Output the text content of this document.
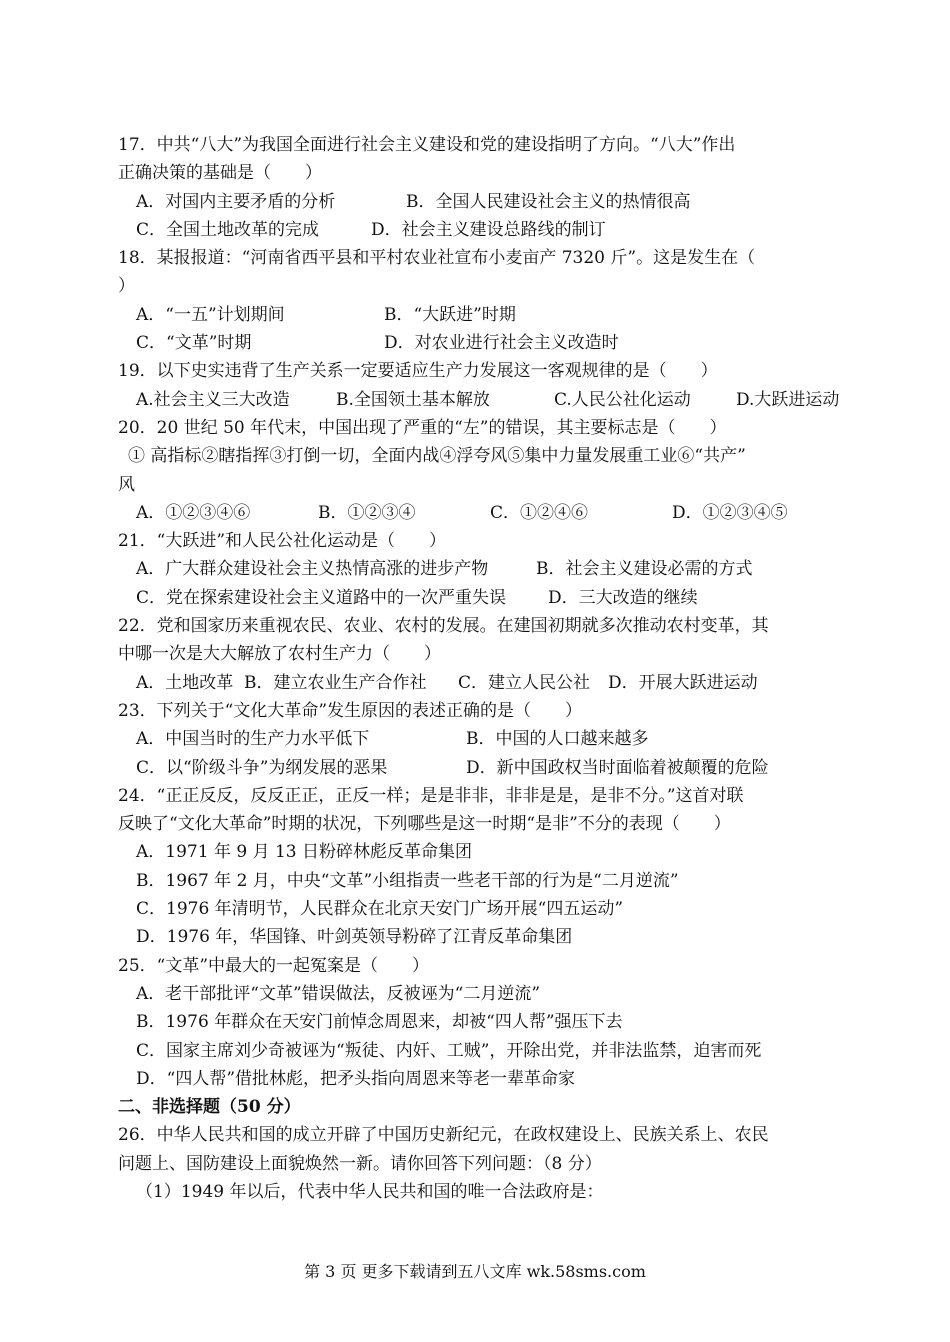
17．中共“八大”为我国全面进行社会主义建设和党的建设指明了方向。“八大”作出
正确决策的基础是（　　）
A．对国内主要矛盾的分析	B．全国人民建设社会主义的热情很高
C．全国土地改革的完成	D．社会主义建设总路线的制订
18．某报报道：“河南省西平县和平村农业社宣布小麦亩产 7320 斤”。这是发生在（
）
A．“一五”计划期间	B．“大跃进”时期
C．“文革”时期	D．对农业进行社会主义改造时
19．以下史实违背了生产关系一定要适应生产力发展这一客观规律的是（　　）
A.社会主义三大改造	B.全国领土基本解放	C.人民公社化运动	D.大跃进运动
20．20 世纪 50 年代末，中国出现了严重的“左”的错误，其主要标志是（　　）
① 高指标②瞎指挥③打倒一切，全面内战④浮夸风⑤集中力量发展重工业⑥“共产”
风
A．①②③④⑥	B．①②③④	C．①②④⑥	D．①②③④⑤
21．“大跃进”和人民公社化运动是（　　）
A．广大群众建设社会主义热情高涨的进步产物	B．社会主义建设必需的方式
C．党在探索建设社会主义道路中的一次严重失误	D．三大改造的继续
22．党和国家历来重视农民、农业、农村的发展。在建国初期就多次推动农村变革，其
中哪一次是大大解放了农村生产力（　　）
A．土地改革 B．建立农业生产合作社	C．建立人民公社	D．开展大跃进运动
23．下列关于“文化大革命”发生原因的表述正确的是（　　）
A．中国当时的生产力水平低下	B．中国的人口越来越多
C．以“阶级斗争”为纲发展的恶果	D．新中国政权当时面临着被颠覆的危险
24．“正正反反，反反正正，正反一样；是是非非，非非是是，是非不分。”这首对联
反映了“文化大革命”时期的状况，下列哪些是这一时期“是非”不分的表现（　　）
A．1971 年 9 月 13 日粉碎林彪反革命集团
B．1967 年 2 月，中央“文革”小组指责一些老干部的行为是“二月逆流”
C．1976 年清明节，人民群众在北京天安门广场开展“四五运动”
D．1976 年，华国锋、叶剑英领导粉碎了江青反革命集团
25．“文革”中最大的一起冤案是（　　）
A．老干部批评“文革”错误做法，反被诬为“二月逆流”
B．1976 年群众在天安门前悼念周恩来，却被“四人帮”强压下去
C．国家主席刘少奇被诬为“叛徒、内奸、工贼”，开除出党，并非法监禁，迫害而死
D．“四人帮”借批林彪，把矛头指向周恩来等老一辈革命家
二、非选择题（50 分）
26．中华人民共和国的成立开辟了中国历史新纪元，在政权建设上、民族关系上、农民
问题上、国防建设上面貌焕然一新。请你回答下列问题：（8 分）
（1）1949 年以后，代表中华人民共和国的唯一合法政府是：
第 3 页 更多下载请到五八文库 wk.58sms.com
